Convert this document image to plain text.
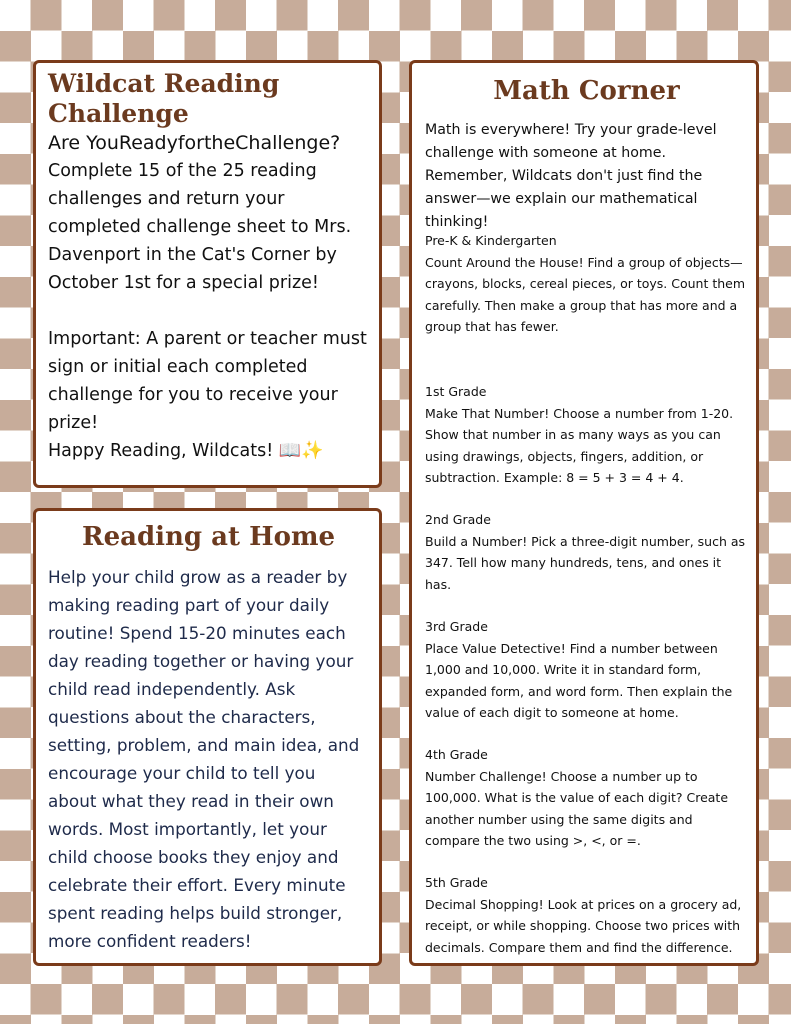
Wildcat Reading Challenge

Are YouReadyfortheChallenge?

Complete 15 of the 25 reading challenges and return your completed challenge sheet to Mrs. Davenport in the Cat's Corner by October 1st for a special prize!

Important: A parent or teacher must sign or initial each completed challenge for you to receive your prize!

Happy Reading, Wildcats! 📖✨

Reading at Home

Help your child grow as a reader by making reading part of your daily routine! Spend 15-20 minutes each day reading together or having your child read independently. Ask questions about the characters, setting, problem, and main idea, and encourage your child to tell you about what they read in their own words. Most importantly, let your child choose books they enjoy and celebrate their effort. Every minute spent reading helps build stronger, more confident readers!

Math Corner

Math is everywhere! Try your grade-level challenge with someone at home. Remember, Wildcats don't just find the answer—we explain our mathematical thinking!

Pre-K & Kindergarten

Count Around the House! Find a group of objects—crayons, blocks, cereal pieces, or toys. Count them carefully. Then make a group that has more and a group that has fewer.

1st Grade

Make That Number! Choose a number from 1-20. Show that number in as many ways as you can using drawings, objects, fingers, addition, or subtraction. Example: 8 = 5 + 3 = 4 + 4.

2nd Grade

Build a Number! Pick a three-digit number, such as 347. Tell how many hundreds, tens, and ones it has.

3rd Grade

Place Value Detective! Find a number between 1,000 and 10,000. Write it in standard form, expanded form, and word form. Then explain the value of each digit to someone at home.

4th Grade

Number Challenge! Choose a number up to 100,000. What is the value of each digit? Create another number using the same digits and compare the two using >, <, or =.

5th Grade

Decimal Shopping! Look at prices on a grocery ad, receipt, or while shopping. Choose two prices with decimals. Compare them and find the difference.
